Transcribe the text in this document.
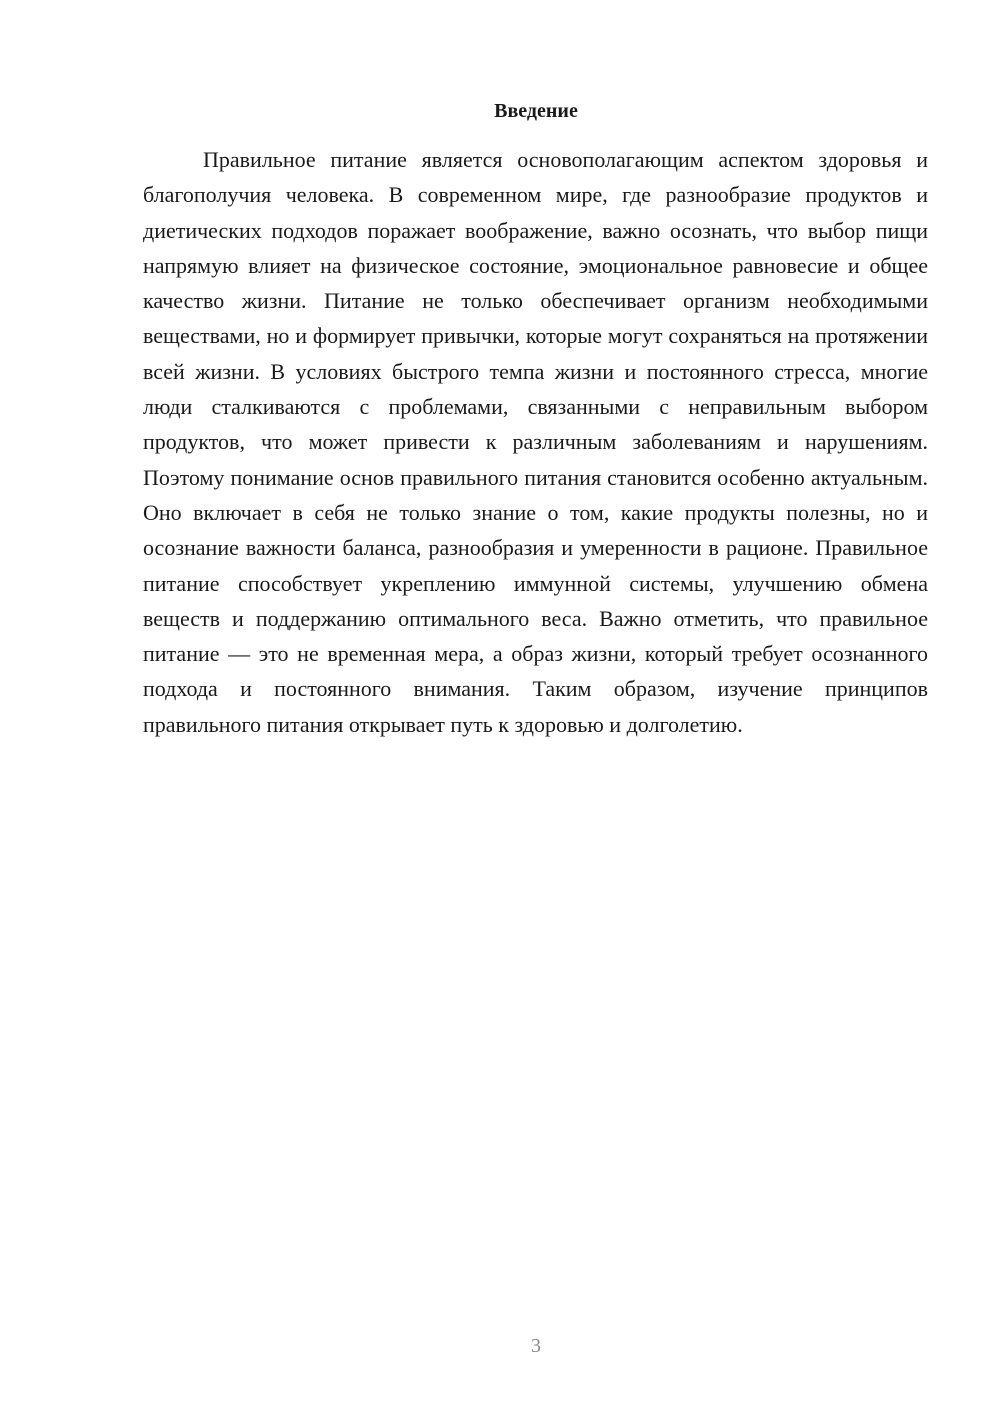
Введение

Правильное питание является основополагающим аспектом здоровья и благополучия человека. В современном мире, где разнообразие продуктов и диетических подходов поражает воображение, важно осознать, что выбор пищи напрямую влияет на физическое состояние, эмоциональное равновесие и общее качество жизни. Питание не только обеспечивает организм необходимыми веществами, но и формирует привычки, которые могут сохраняться на протяжении всей жизни. В условиях быстрого темпа жизни и постоянного стресса, многие люди сталкиваются с проблемами, связанными с неправильным выбором продуктов, что может привести к различным заболеваниям и нарушениям. Поэтому понимание основ правильного питания становится особенно актуальным. Оно включает в себя не только знание о том, какие продукты полезны, но и осознание важности баланса, разнообразия и умеренности в рационе. Правильное питание способствует укреплению иммунной системы, улучшению обмена веществ и поддержанию оптимального веса. Важно отметить, что правильное питание — это не временная мера, а образ жизни, который требует осознанного подхода и постоянного внимания. Таким образом, изучение принципов правильного питания открывает путь к здоровью и долголетию.

3
